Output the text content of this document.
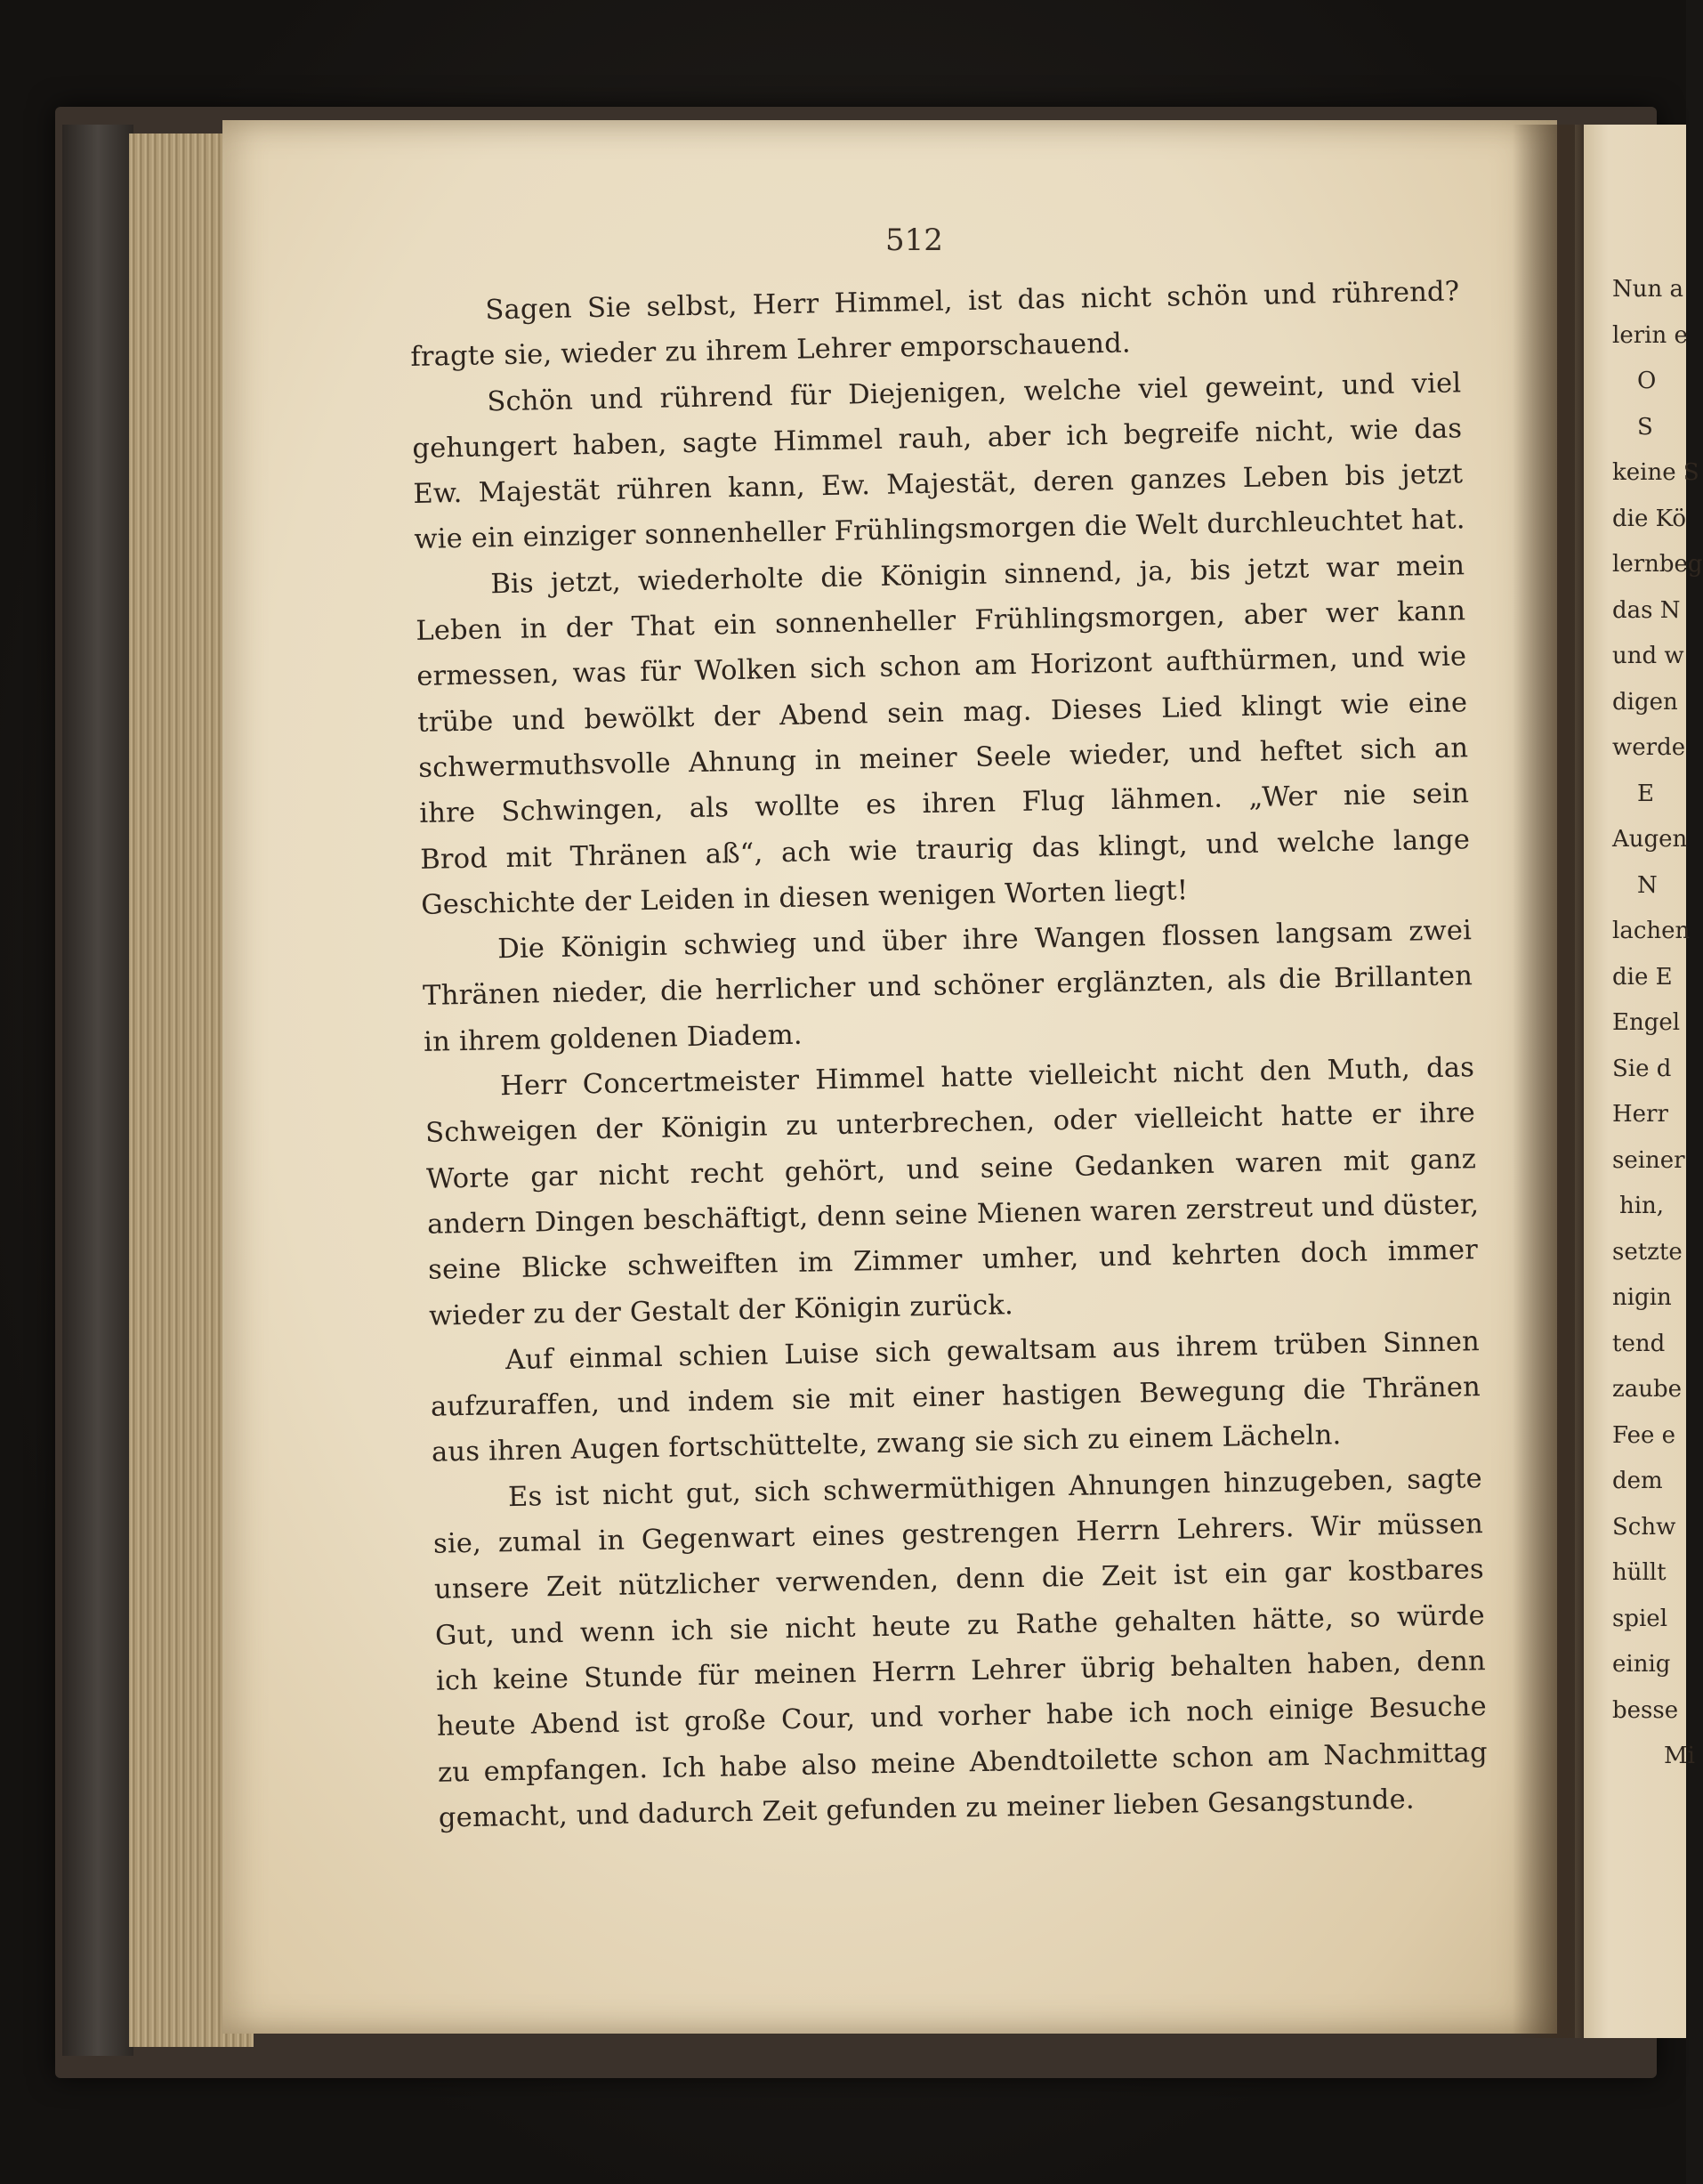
512
Sagen Sie selbst, Herr Himmel, ist das nicht schön und rührend?
fragte sie, wieder zu ihrem Lehrer emporschauend.
Schön und rührend für Diejenigen, welche viel geweint, und viel
gehungert haben, sagte Himmel rauh, aber ich begreife nicht, wie das
Ew. Majestät rühren kann, Ew. Majestät, deren ganzes Leben bis jetzt
wie ein einziger sonnenheller Frühlingsmorgen die Welt durchleuchtet hat.
Bis jetzt, wiederholte die Königin sinnend, ja, bis jetzt war mein
Leben in der That ein sonnenheller Frühlingsmorgen, aber wer kann
ermessen, was für Wolken sich schon am Horizont aufthürmen, und wie
trübe und bewölkt der Abend sein mag. Dieses Lied klingt wie eine
schwermuthsvolle Ahnung in meiner Seele wieder, und heftet sich an
ihre Schwingen, als wollte es ihren Flug lähmen. „Wer nie sein
Brod mit Thränen aß“, ach wie traurig das klingt, und welche lange
Geschichte der Leiden in diesen wenigen Worten liegt!
Die Königin schwieg und über ihre Wangen flossen langsam zwei
Thränen nieder, die herrlicher und schöner erglänzten, als die Brillanten
in ihrem goldenen Diadem.
Herr Concertmeister Himmel hatte vielleicht nicht den Muth, das
Schweigen der Königin zu unterbrechen, oder vielleicht hatte er ihre
Worte gar nicht recht gehört, und seine Gedanken waren mit ganz
andern Dingen beschäftigt, denn seine Mienen waren zerstreut und düster,
seine Blicke schweiften im Zimmer umher, und kehrten doch immer
wieder zu der Gestalt der Königin zurück.
Auf einmal schien Luise sich gewaltsam aus ihrem trüben Sinnen
aufzuraffen, und indem sie mit einer hastigen Bewegung die Thränen
aus ihren Augen fortschüttelte, zwang sie sich zu einem Lächeln.
Es ist nicht gut, sich schwermüthigen Ahnungen hinzugeben, sagte
sie, zumal in Gegenwart eines gestrengen Herrn Lehrers. Wir müssen
unsere Zeit nützlicher verwenden, denn die Zeit ist ein gar kostbares
Gut, und wenn ich sie nicht heute zu Rathe gehalten hätte, so würde
ich keine Stunde für meinen Herrn Lehrer übrig behalten haben, denn
heute Abend ist große Cour, und vorher habe ich noch einige Besuche
zu empfangen. Ich habe also meine Abendtoilette schon am Nachmittag
gemacht, und dadurch Zeit gefunden zu meiner lieben Gesangstunde.
Nun a
lerin e
O
S
keine S
die Kö
lernbeg
das N
und w
digen
werde
E
Augen
N
lachen
die E
Engel
Sie d
Herr
seiner
hin,
setzte
nigin
tend
zaube
Fee e
dem
Schw
hüllt
spiel
einig
besse
Mi
